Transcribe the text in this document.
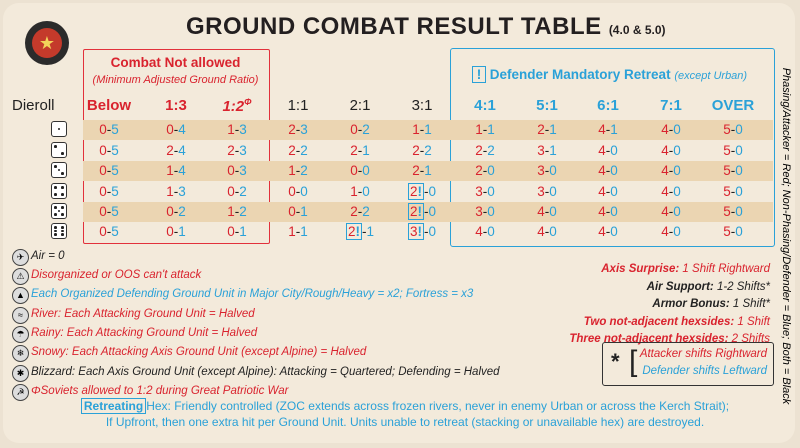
★
GROUND COMBAT RESULT TABLE (4.0 & 5.0)
Combat Not allowed
(Minimum Adjusted Ground Ratio)	! Defender Mandatory Retreat (except Urban)
Dieroll	Below	1:3	$1:2^\Phi$	1:1	2:1	3:1	4:1	5:1	6:1	7:1	OVER
0-5	0-4	1-3	2-3	0-2	1-1	1-1	2-1	4-1	4-0	5-0
0-5	2-4	2-3	2-2	2-1	2-2	2-2	3-1	4-0	4-0	5-0
0-5	1-4	0-3	1-2	0-0	2-1	2-0	3-0	4-0	4-0	5-0
0-5	1-3	0-2	0-0	1-0	2! -0	3-0	3-0	4-0	4-0	5-0
0-5	0-2	1-2	0-1	2-2	2! -0	3-0	4-0	4-0	4-0	5-0
0-5	0-1	0-1	1-1	2! -1	3! -0	4-0	4-0	4-0	4-0	5-0
✈ Air = 0
⚠ Disorganized or OOS can't attack
▲ Each Organized Defending Ground Unit in Major City/Rough/Heavy = x2; Fortress = x3
≈ River: Each Attacking Ground Unit = Halved
☂ Rainy: Each Attacking Ground Unit = Halved
❄ Snowy: Each Attacking Axis Ground Unit (except Alpine) = Halved
✱ Blizzard: Each Axis Ground Unit (except Alpine): Attacking = Quartered; Defending = Halved
☭ ΦSoviets allowed to 1:2 during Great Patriotic War
Axis Surprise: 1 Shift Rightward
Air Support: 1-2 Shifts*
Armor Bonus: 1 Shift*
Two not-adjacent hexsides: 1 Shift
Three not-adjacent hexsides: 2 Shifts
* [ Attacker shifts Rightward
Defender shifts Leftward
Retreating Hex: Friendly controlled (ZOC extends across frozen rivers, never in enemy Urban or across the Kerch Strait);
If Upfront, then one extra hit per Ground Unit. Units unable to retreat (stacking or unavailable hex) are destroyed.
Phasing/Attacker = Red; Non-Phasing/Defender = Blue; Both = Black
